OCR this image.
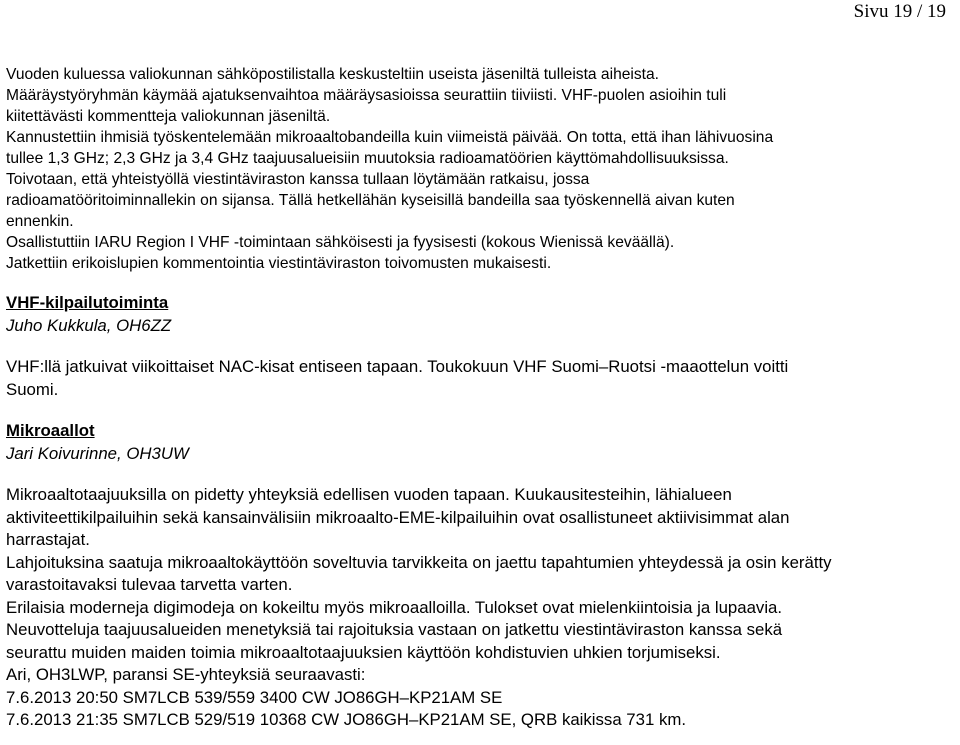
Sivu 19 / 19

Vuoden kuluessa valiokunnan sähköpostilistalla keskusteltiin useista jäseniltä tulleista aiheista.

Määräystyöryhmän käymää ajatuksenvaihtoa määräysasioissa seurattiin tiiviisti. VHF-puolen asioihin tuli

kiitettävästi kommentteja valiokunnan jäseniltä.

Kannustettiin ihmisiä työskentelemään mikroaaltobandeilla kuin viimeistä päivää. On totta, että ihan lähivuosina

tullee 1,3 GHz; 2,3 GHz ja 3,4 GHz taajuusalueisiin muutoksia radioamatöörien käyttömahdollisuuksissa.

Toivotaan, että yhteistyöllä viestintäviraston kanssa tullaan löytämään ratkaisu, jossa

radioamatööritoiminnallekin on sijansa. Tällä hetkellähän kyseisillä bandeilla saa työskennellä aivan kuten

ennenkin.

Osallistuttiin IARU Region I VHF -toimintaan sähköisesti ja fyysisesti (kokous Wienissä keväällä).

Jatkettiin erikoislupien kommentointia viestintäviraston toivomusten mukaisesti.

VHF-kilpailutoiminta

Juho Kukkula, OH6ZZ

VHF:llä jatkuivat viikoittaiset NAC-kisat entiseen tapaan. Toukokuun VHF Suomi–Ruotsi -maaottelun voitti

Suomi.

Mikroaallot

Jari Koivurinne, OH3UW

Mikroaaltotaajuuksilla on pidetty yhteyksiä edellisen vuoden tapaan. Kuukausitesteihin, lähialueen

aktiviteettikilpailuihin sekä kansainvälisiin mikroaalto-EME-kilpailuihin ovat osallistuneet aktiivisimmat alan

harrastajat.

Lahjoituksina saatuja mikroaaltokäyttöön soveltuvia tarvikkeita on jaettu tapahtumien yhteydessä ja osin kerätty

varastoitavaksi tulevaa tarvetta varten.

Erilaisia moderneja digimodeja on kokeiltu myös mikroaalloilla. Tulokset ovat mielenkiintoisia ja lupaavia.

Neuvotteluja taajuusalueiden menetyksiä tai rajoituksia vastaan on jatkettu viestintäviraston kanssa sekä

seurattu muiden maiden toimia mikroaaltotaajuuksien käyttöön kohdistuvien uhkien torjumiseksi.

Ari, OH3LWP, paransi SE-yhteyksiä seuraavasti:

7.6.2013 20:50 SM7LCB 539/559 3400 CW JO86GH–KP21AM SE

7.6.2013 21:35 SM7LCB 529/519 10368 CW JO86GH–KP21AM SE, QRB kaikissa 731 km.
